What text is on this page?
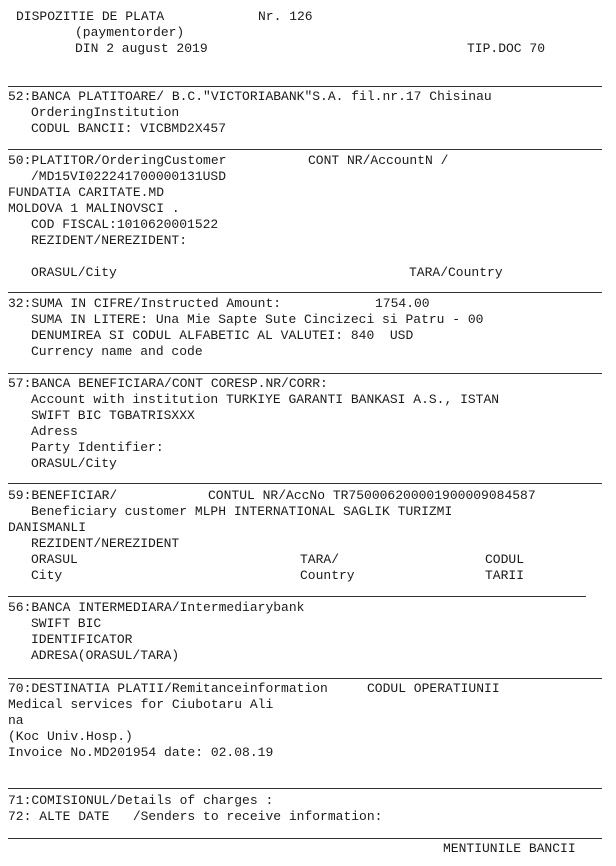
DISPOZITIE DE PLATA	Nr. 126
(paymentorder)
DIN 2 august 2019	TIP.DOC 70
52:BANCA PLATITOARE/ B.C."VICTORIABANK"S.A. fil.nr.17 Chisinau
OrderingInstitution
CODUL BANCII: VICBMD2X457
50:PLATITOR/OrderingCustomer	CONT NR/AccountN /
/MD15VI022241700000131USD
FUNDATIA CARITATE.MD
MOLDOVA 1 MALINOVSCI .
COD FISCAL:1010620001522
REZIDENT/NEREZIDENT:
ORASUL/City	TARA/Country
32:SUMA IN CIFRE/Instructed Amount:	1754.00
SUMA IN LITERE: Una Mie Sapte Sute Cincizeci si Patru - 00
DENUMIREA SI CODUL ALFABETIC AL VALUTEI: 840  USD
Currency name and code
57:BANCA BENEFICIARA/CONT CORESP.NR/CORR:
Account with institution TURKIYE GARANTI BANKASI A.S., ISTAN
SWIFT BIC TGBATRISXXX
Adress
Party Identifier:
ORASUL/City
59:BENEFICIAR/	CONTUL NR/AccNo TR750006200001900009084587
Beneficiary customer MLPH INTERNATIONAL SAGLIK TURIZMI
DANISMANLI
REZIDENT/NEREZIDENT
ORASUL	TARA/	CODUL
City	Country	TARII
56:BANCA INTERMEDIARA/Intermediarybank
SWIFT BIC
IDENTIFICATOR
ADRESA(ORASUL/TARA)
70:DESTINATIA PLATII/Remitanceinformation	CODUL OPERATIUNII
Medical services for Ciubotaru Ali
na
(Koc Univ.Hosp.)
Invoice No.MD201954 date: 02.08.19
71:COMISIONUL/Details of charges :
72: ALTE DATE   /Senders to receive information:
MENTIUNILE BANCII
